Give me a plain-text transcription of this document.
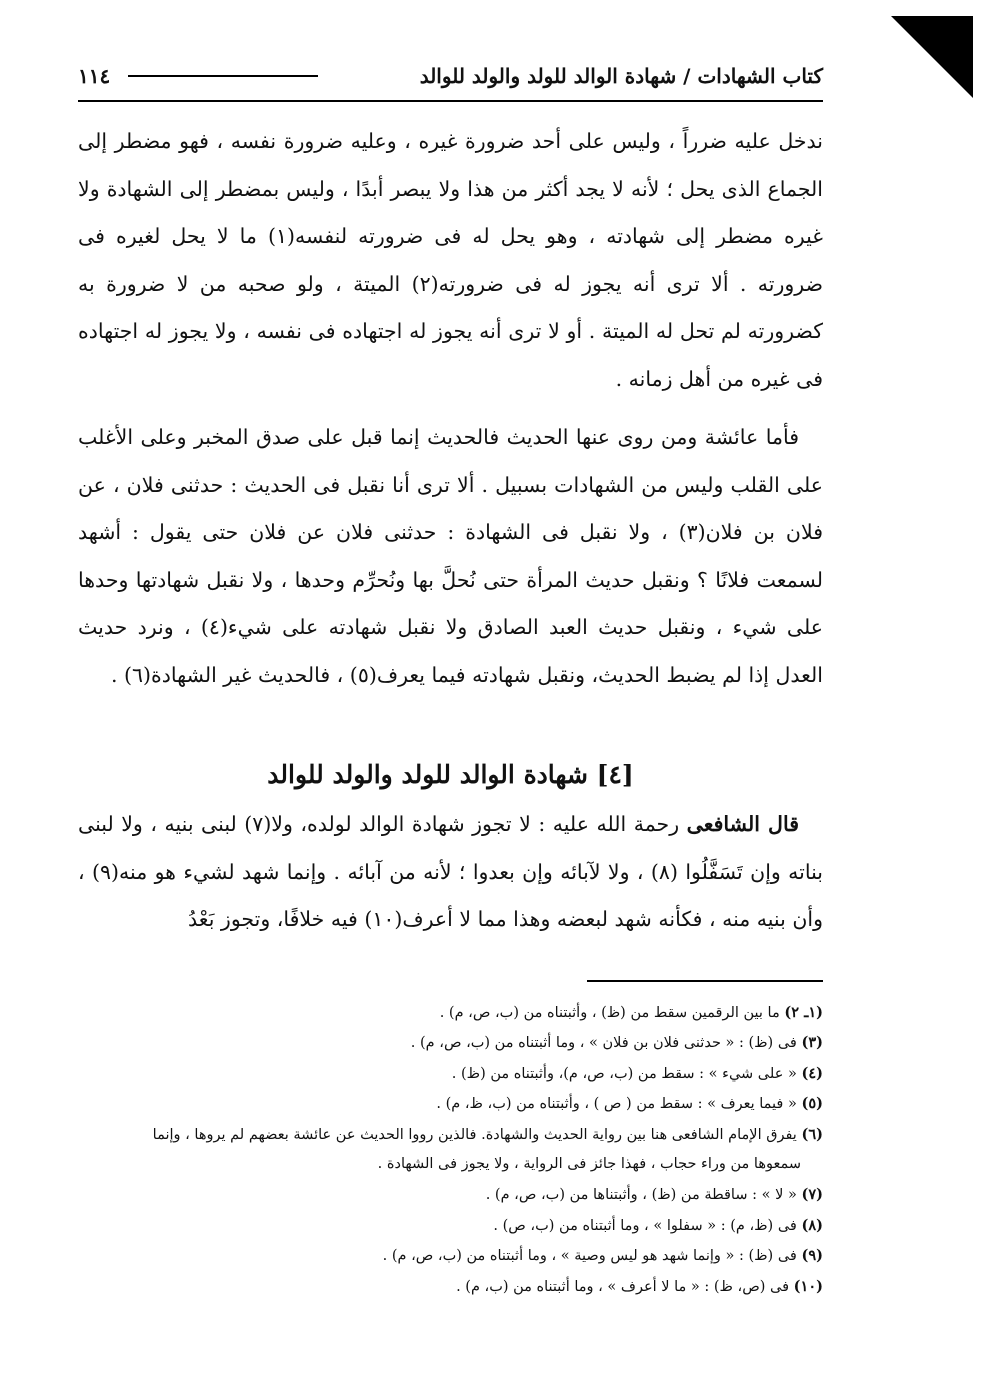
كتاب الشهادات / شهادة الوالد للولد والولد للوالد
١١٤

ندخل عليه ضرراً ، وليس على أحد ضرورة غيره ، وعليه ضرورة نفسه ، فهو مضطر إلى الجماع الذى يحل ؛ لأنه لا يجد أكثر من هذا ولا يبصر أبدًا ، وليس بمضطر إلى الشهادة ولا غيره مضطر إلى شهادته ، وهو يحل له فى ضرورته لنفسه(١) ما لا يحل لغيره فى ضرورته . ألا ترى أنه يجوز له فى ضرورته(٢) الميتة ، ولو صحبه من لا ضرورة به كضرورته لم تحل له الميتة . أو لا ترى أنه يجوز له اجتهاده فى نفسه ، ولا يجوز له اجتهاده فى غيره من أهل زمانه .

فأما عائشة ومن روى عنها الحديث فالحديث إنما قبل على صدق المخبر وعلى الأغلب على القلب وليس من الشهادات بسبيل . ألا ترى أنا نقبل فى الحديث : حدثنى فلان ، عن فلان بن فلان(٣) ، ولا نقبل فى الشهادة : حدثنى فلان عن فلان حتى يقول : أشهد لسمعت فلانًا ؟ ونقبل حديث المرأة حتى نُحلَّ بها ونُحرِّم وحدها ، ولا نقبل شهادتها وحدها على شيء ، ونقبل حديث العبد الصادق ولا نقبل شهادته على شيء(٤) ، ونرد حديث العدل إذا لم يضبط الحديث، ونقبل شهادته فيما يعرف(٥) ، فالحديث غير الشهادة(٦) .

[٤] شهادة الوالد للولد والولد للوالد

قال الشافعى رحمة الله عليه : لا تجوز شهادة الوالد لولده، ولا(٧) لبنى بنيه ، ولا لبنى بناته وإن تَسَفَّلُوا (٨) ، ولا لآبائه وإن بعدوا ؛ لأنه من آبائه . وإنما شهد لشيء هو منه(٩) ، وأن بنيه منه ، فكأنه شهد لبعضه وهذا مما لا أعرف(١٠) فيه خلافًا، وتجوز بَعْدُ

(١ـ ٢) ما بين الرقمين سقط من (ظ) ، وأثبتناه من (ب، ص، م) .

(٣) فى (ظ) : « حدثنى فلان بن فلان » ، وما أثبتناه من (ب، ص، م) .

(٤) « على شيء » : سقط من (ب، ص، م)، وأثبتناه من (ظ) .

(٥) « فيما يعرف » : سقط من ( ص ) ، وأثبتناه من (ب، ظ، م) .

(٦) يفرق الإمام الشافعى هنا بين رواية الحديث والشهادة. فالذين رووا الحديث عن عائشة بعضهم لم يروها ، وإنما

سمعوها من وراء حجاب ، فهذا جائز فى الرواية ، ولا يجوز فى الشهادة .

(٧) « لا » : ساقطة من (ظ) ، وأثبتناها من (ب، ص، م) .

(٨) فى (ظ، م) : « سفلوا » ، وما أثبتناه من (ب، ص) .

(٩) فى (ظ) : « وإنما شهد هو ليس وصية » ، وما أثبتناه من (ب، ص، م) .

(١٠) فى (ص، ظ) : « ما لا أعرف » ، وما أثبتناه من (ب، م) .
